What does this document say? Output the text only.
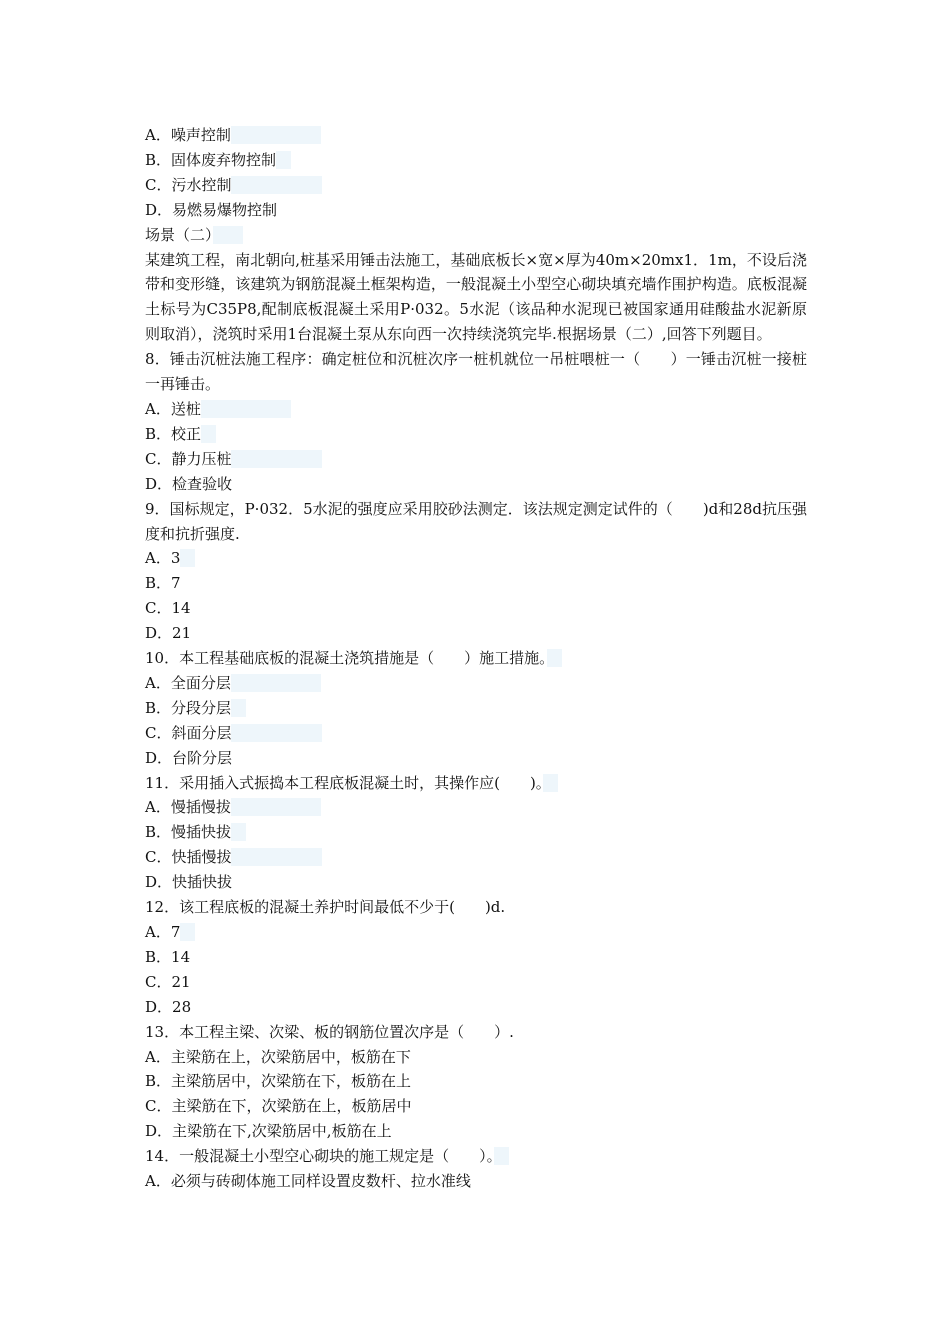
A．噪声控制　　　　　　

B．固体废弃物控制　

C．污水控制　　　　　　

D．易燃易爆物控制

场景（二）　　

某建筑工程，南北朝向,桩基采用锤击法施工，基础底板长×宽×厚为40m×20mx1．1m，不设后浇带和变形缝，该建筑为钢筋混凝土框架构造，一般混凝土小型空心砌块填充墙作围护构造。底板混凝土标号为C35P8,配制底板混凝土采用P·032。5水泥（该品种水泥现已被国家通用硅酸盐水泥新原则取消），浇筑时采用1台混凝土泵从东向西一次持续浇筑完毕.根据场景（二）,回答下列题目。

8．锤击沉桩法施工程序：确定桩位和沉桩次序一桩机就位一吊桩喂桩一（　　）一锤击沉桩一接桩一再锤击。

A．送桩　　　　　　

B．校正　

C．静力压桩　　　　　　

D．检查验收

9．国标规定，P·032．5水泥的强度应采用胶砂法测定．该法规定测定试件的（　　)d和28d抗压强度和抗折强度.

A．3　

B．7

C．14

D．21

10．本工程基础底板的混凝土浇筑措施是（　　）施工措施。　

A．全面分层　　　　　　

B．分段分层　

C．斜面分层　　　　　　

D．台阶分层

11．采用插入式振捣本工程底板混凝土时，其操作应(　　)。　

A．慢插慢拔　　　　　　

B．慢插快拔　

C．快插慢拔　　　　　　

D．快插快拔

12．该工程底板的混凝土养护时间最低不少于(　　)d.

A．7　

B．14

C．21

D．28

13．本工程主梁、次梁、板的钢筋位置次序是（　　）.

A．主梁筋在上，次梁筋居中，板筋在下

B．主梁筋居中，次梁筋在下，板筋在上

C．主梁筋在下，次梁筋在上，板筋居中

D．主梁筋在下,次梁筋居中,板筋在上

14．一般混凝土小型空心砌块的施工规定是（　　）。　

A．必须与砖砌体施工同样设置皮数杆、拉水准线
